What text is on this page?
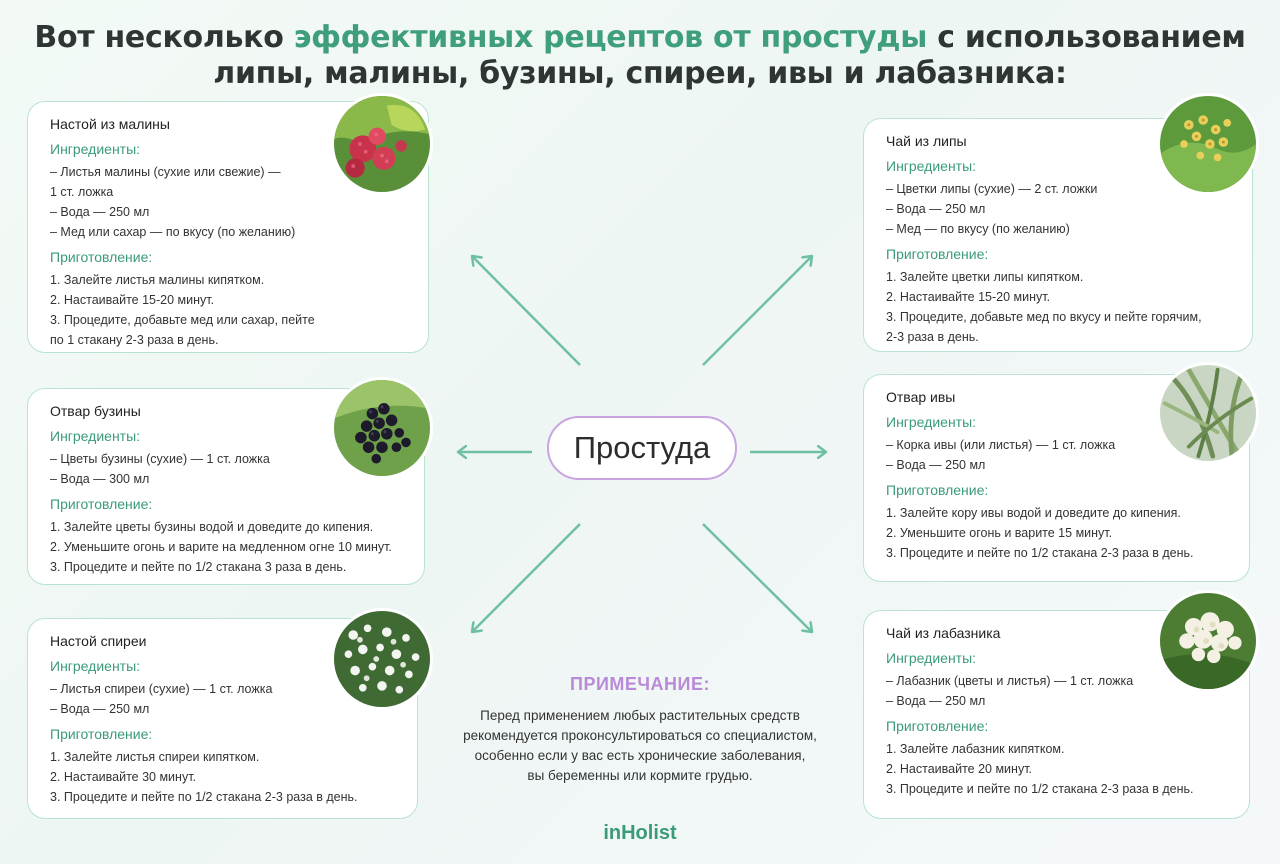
Вот несколько эффективных рецептов от простуды с использованием
липы, малины, бузины, спиреи, ивы и лабазника:
Простуда
Настой из малины
Ингредиенты:
– Листья малины (сухие или свежие) —
1 ст. ложка
– Вода — 250 мл
– Мед или сахар — по вкусу (по желанию)
Приготовление:
1. Залейте листья малины кипятком.
2. Настаивайте 15-20 минут.
3. Процедите, добавьте мед или сахар, пейте
по 1 стакану 2-3 раза в день.
Отвар бузины
Ингредиенты:
– Цветы бузины (сухие) — 1 ст. ложка
– Вода — 300 мл
Приготовление:
1. Залейте цветы бузины водой и доведите до кипения.
2. Уменьшите огонь и варите на медленном огне 10 минут.
3. Процедите и пейте по 1/2 стакана 3 раза в день.
Настой спиреи
Ингредиенты:
– Листья спиреи (сухие) — 1 ст. ложка
– Вода — 250 мл
Приготовление:
1. Залейте листья спиреи кипятком.
2. Настаивайте 30 минут.
3. Процедите и пейте по 1/2 стакана 2-3 раза в день.
Чай из липы
Ингредиенты:
– Цветки липы (сухие) — 2 ст. ложки
– Вода — 250 мл
– Мед — по вкусу (по желанию)
Приготовление:
1. Залейте цветки липы кипятком.
2. Настаивайте 15-20 минут.
3. Процедите, добавьте мед по вкусу и пейте горячим,
2-3 раза в день.
Отвар ивы
Ингредиенты:
– Корка ивы (или листья) — 1 ст. ложка
– Вода — 250 мл
Приготовление:
1. Залейте кору ивы водой и доведите до кипения.
2. Уменьшите огонь и варите 15 минут.
3. Процедите и пейте по 1/2 стакана 2-3 раза в день.
Чай из лабазника
Ингредиенты:
– Лабазник (цветы и листья) — 1 ст. ложка
– Вода — 250 мл
Приготовление:
1. Залейте лабазник кипятком.
2. Настаивайте 20 минут.
3. Процедите и пейте по 1/2 стакана 2-3 раза в день.
ПРИМЕЧАНИЕ:
Перед применением любых растительных средств
рекомендуется проконсультироваться со специалистом,
особенно если у вас есть хронические заболевания,
вы беременны или кормите грудью.
inHolist
